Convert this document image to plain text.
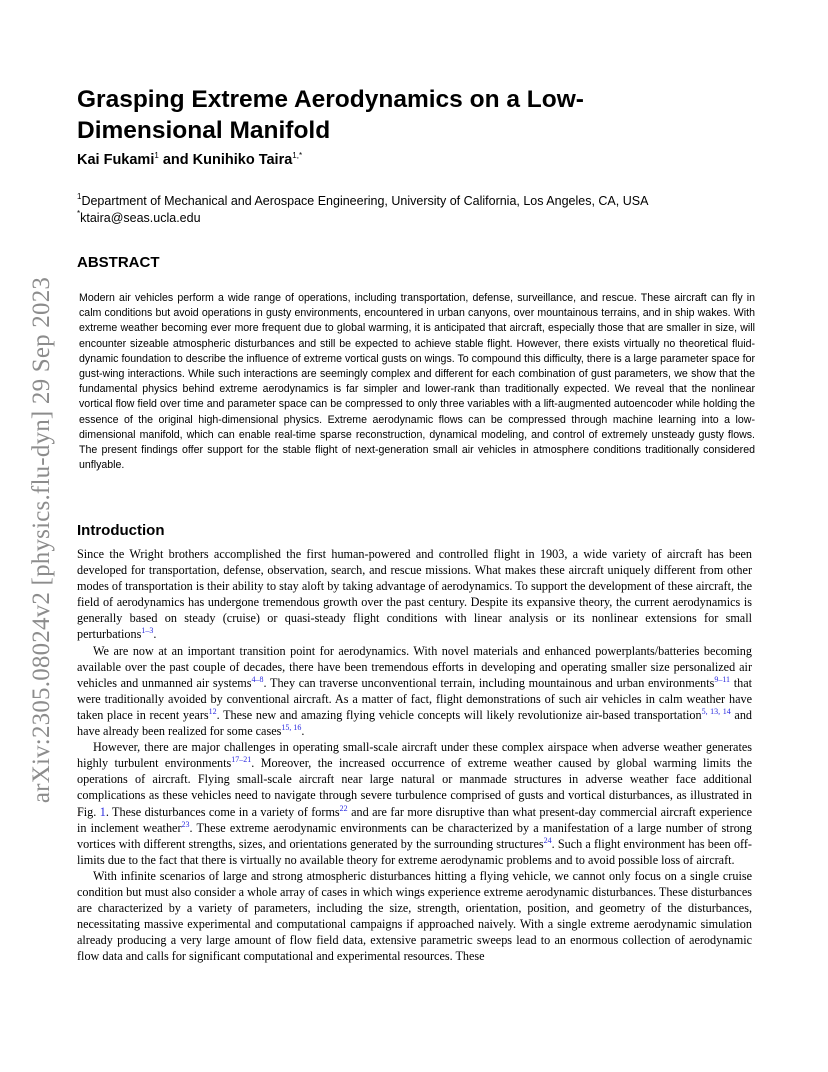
arXiv:2305.08024v2 [physics.flu-dyn] 29 Sep 2023
Grasping Extreme Aerodynamics on a Low-Dimensional Manifold
Kai Fukami$^1$ and Kunihiko Taira$^{1,*}$
$^1$Department of Mechanical and Aerospace Engineering, University of California, Los Angeles, CA, USA
*ktaira@seas.ucla.edu
ABSTRACT

Modern air vehicles perform a wide range of operations, including transportation, defense, surveillance, and rescue. These aircraft can fly in calm conditions but avoid operations in gusty environments, encountered in urban canyons, over mountainous terrains, and in ship wakes. With extreme weather becoming ever more frequent due to global warming, it is anticipated that aircraft, especially those that are smaller in size, will encounter sizeable atmospheric disturbances and still be expected to achieve stable flight. However, there exists virtually no theoretical fluid-dynamic foundation to describe the influence of extreme vortical gusts on wings. To compound this difficulty, there is a large parameter space for gust-wing interactions. While such interactions are seemingly complex and different for each combination of gust parameters, we show that the fundamental physics behind extreme aerodynamics is far simpler and lower-rank than traditionally expected. We reveal that the nonlinear vortical flow field over time and parameter space can be compressed to only three variables with a lift-augmented autoencoder while holding the essence of the original high-dimensional physics. Extreme aerodynamic flows can be compressed through machine learning into a low-dimensional manifold, which can enable real-time sparse reconstruction, dynamical modeling, and control of extremely unsteady gusty flows. The present findings offer support for the stable flight of next-generation small air vehicles in atmosphere conditions traditionally considered unflyable.

Introduction

Since the Wright brothers accomplished the first human-powered and controlled flight in 1903, a wide variety of aircraft has been developed for transportation, defense, observation, search, and rescue missions. What makes these aircraft uniquely different from other modes of transportation is their ability to stay aloft by taking advantage of aerodynamics. To support the development of these aircraft, the field of aerodynamics has undergone tremendous growth over the past century. Despite its expansive theory, the current aerodynamics is generally based on steady (cruise) or quasi-steady flight conditions with linear analysis or its nonlinear extensions for small perturbations$^{1-3}$.

We are now at an important transition point for aerodynamics. With novel materials and enhanced powerplants/batteries becoming available over the past couple of decades, there have been tremendous efforts in developing and operating smaller size personalized air vehicles and unmanned air systems$^{4-8}$. They can traverse unconventional terrain, including mountainous and urban environments$^{9-11}$ that were traditionally avoided by conventional aircraft. As a matter of fact, flight demonstrations of such air vehicles in calm weather have taken place in recent years$^{12}$. These new and amazing flying vehicle concepts will likely revolutionize air-based transportation$^{5, 13, 14}$ and have already been realized for some cases$^{15, 16}$.

However, there are major challenges in operating small-scale aircraft under these complex airspace when adverse weather generates highly turbulent environments$^{17-21}$. Moreover, the increased occurrence of extreme weather caused by global warming limits the operations of aircraft. Flying small-scale aircraft near large natural or manmade structures in adverse weather face additional complications as these vehicles need to navigate through severe turbulence comprised of gusts and vortical disturbances, as illustrated in Fig. 1. These disturbances come in a variety of forms$^{22}$ and are far more disruptive than what present-day commercial aircraft experience in inclement weather$^{23}$. These extreme aerodynamic environments can be characterized by a manifestation of a large number of strong vortices with different strengths, sizes, and orientations generated by the surrounding structures$^{24}$. Such a flight environment has been off-limits due to the fact that there is virtually no available theory for extreme aerodynamic problems and to avoid possible loss of aircraft.

With infinite scenarios of large and strong atmospheric disturbances hitting a flying vehicle, we cannot only focus on a single cruise condition but must also consider a whole array of cases in which wings experience extreme aerodynamic disturbances. These disturbances are characterized by a variety of parameters, including the size, strength, orientation, position, and geometry of the disturbances, necessitating massive experimental and computational campaigns if approached naively. With a single extreme aerodynamic simulation already producing a very large amount of flow field data, extensive parametric sweeps lead to an enormous collection of aerodynamic flow data and calls for significant computational and experimental resources. These
